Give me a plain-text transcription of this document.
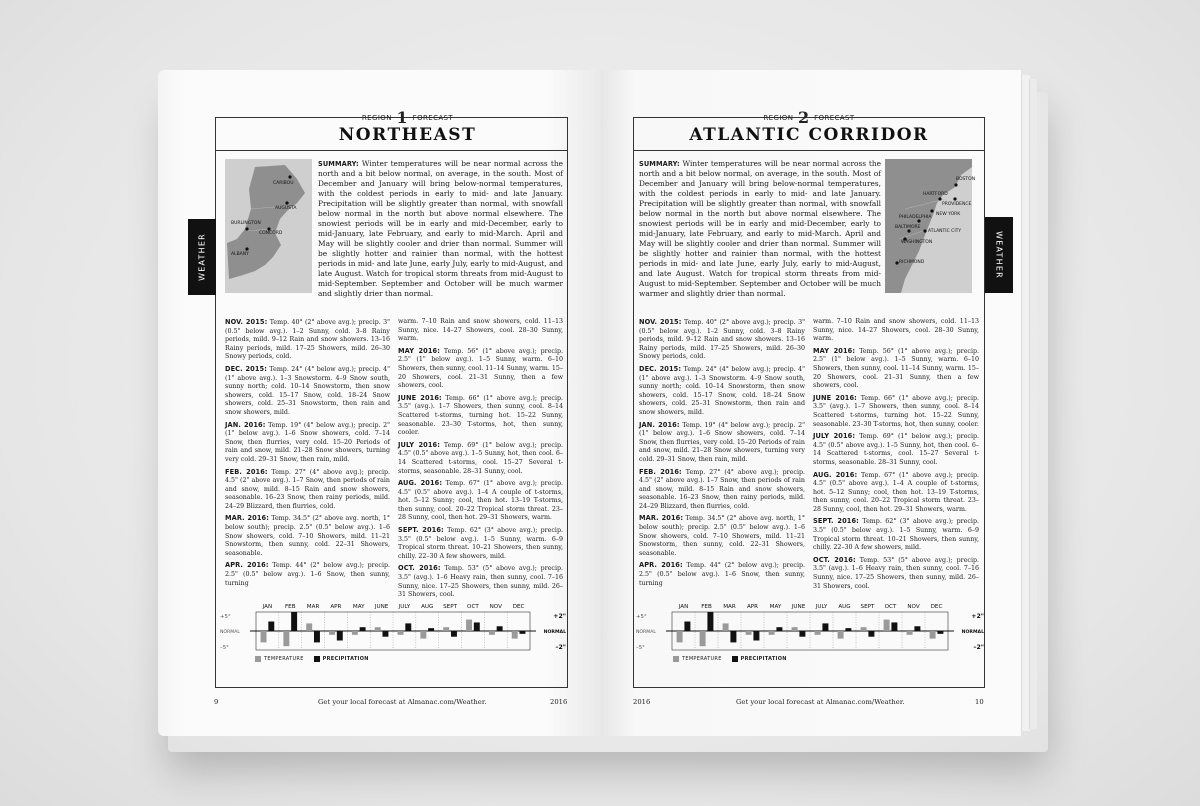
REGION 1 FORECAST
NORTHEAST
WEATHER
CARIBOU
AUGUSTA
CONCORD
BURLINGTON
ALBANY
SUMMARY: Winter temperatures will be near normal across the north and a bit below normal, on average, in the south. Most of December and January will bring below-normal temperatures, with the coldest periods in early to mid- and late January. Precipitation will be slightly greater than normal, with snowfall below normal in the north but above normal elsewhere. The snowiest periods will be in early and mid-December, early to mid-January, late February, and early to mid-March. April and May will be slightly cooler and drier than normal. Summer will be slightly hotter and rainier than normal, with the hottest periods in mid- and late June, early July, early to mid-August, and late August. Watch for tropical storm threats from mid-August to mid-September. September and October will be much warmer and slightly drier than normal.
NOV. 2015: Temp. 40° (2° above avg.); precip. 3" (0.5" below avg.). 1–2 Sunny, cold. 3–8 Rainy periods, mild. 9–12 Rain and snow showers. 13–16 Rainy periods, mild. 17–25 Showers, mild. 26–30 Snowy periods, cold.
DEC. 2015: Temp. 24° (4° below avg.); precip. 4" (1" above avg.). 1–3 Snowstorm. 4–9 Snow south, sunny north; cold. 10–14 Snowstorm, then snow showers, cold. 15–17 Snow, cold. 18–24 Snow showers, cold. 25–31 Snowstorm, then rain and snow showers, mild.
JAN. 2016: Temp. 19° (4° below avg.); precip. 2" (1" below avg.). 1–6 Snow showers, cold. 7–14 Snow, then flurries, very cold. 15–20 Periods of rain and snow, mild. 21–28 Snow showers, turning very cold. 29–31 Snow, then rain, mild.
FEB. 2016: Temp. 27° (4° above avg.); precip. 4.5" (2" above avg.). 1–7 Snow, then periods of rain and snow, mild. 8–15 Rain and snow showers, seasonable. 16–23 Snow, then rainy periods, mild. 24–29 Blizzard, then flurries, cold.
MAR. 2016: Temp. 34.5° (2° above avg. north, 1° below south); precip. 2.5" (0.5" below avg.). 1–6 Snow showers, cold. 7–10 Showers, mild. 11–21 Snowstorm, then sunny, cold. 22–31 Showers, seasonable.
APR. 2016: Temp. 44° (2° below avg.); precip. 2.5" (0.5" below avg.). 1–6 Snow, then sunny, turning
warm. 7–10 Rain and snow showers, cold. 11–13 Sunny, nice. 14–27 Showers, cool. 28–30 Sunny, warm.
MAY 2016: Temp. 56° (1° above avg.); precip. 2.5" (1" below avg.). 1–5 Sunny, warm. 6–10 Showers, then sunny, cool. 11–14 Sunny, warm. 15–20 Showers, cool. 21–31 Sunny, then a few showers, cool.
JUNE 2016: Temp. 66° (1° above avg.); precip. 3.5" (avg.). 1–7 Showers, then sunny, cool. 8–14 Scattered t-storms, turning hot. 15–22 Sunny, seasonable. 23–30 T-storms, hot, then sunny, cooler.
JULY 2016: Temp. 69° (1° below avg.); precip. 4.5" (0.5" above avg.). 1–5 Sunny, hot, then cool. 6–14 Scattered t-storms, cool. 15–27 Several t-storms, seasonable. 28–31 Sunny, cool.
AUG. 2016: Temp. 67° (1° above avg.); precip. 4.5" (0.5" above avg.). 1–4 A couple of t-storms, hot. 5–12 Sunny; cool, then hot. 13–19 T-storms, then sunny, cool. 20–22 Tropical storm threat. 23–28 Sunny, cool, then hot. 29–31 Showers, warm.
SEPT. 2016: Temp. 62° (3° above avg.); precip. 3.5" (0.5" below avg.). 1–5 Sunny, warm. 6–9 Tropical storm threat. 10–21 Showers, then sunny, chilly. 22–30 A few showers, mild.
OCT. 2016: Temp. 53° (5° above avg.); precip. 3.5" (avg.). 1–6 Heavy rain, then sunny, cool. 7–16 Sunny, nice. 17–25 Showers, then sunny, mild. 26–31 Showers, cool.
JAN FEB MAR APR MAY JUNE JULY AUG SEPT OCT NOV DEC
+5°	+2"
NORMAL	NORMAL
–5°	–2"
TEMPERATURE	PRECIPITATION
9	Get your local forecast at Almanac.com/Weather.	2016
REGION 2 FORECAST
ATLANTIC CORRIDOR
WEATHER
BOSTON
HARTFORD
PROVIDENCE
NEW YORK
PHILADELPHIA
ATLANTIC CITY
BALTIMORE
WASHINGTON
RICHMOND
SUMMARY: Winter temperatures will be near normal across the north and a bit below normal, on average, in the south. Most of December and January will bring below-normal temperatures, with the coldest periods in early to mid- and late January. Precipitation will be slightly greater than normal, with snowfall below normal in the north but above normal elsewhere. The snowiest periods will be in early and mid-December, early to mid-January, late February, and early to mid-March. April and May will be slightly cooler and drier than normal. Summer will be slightly hotter and rainier than normal, with the hottest periods in mid- and late June, early July, early to mid-August, and late August. Watch for tropical storm threats from mid-August to mid-September. September and October will be much warmer and slightly drier than normal.
NOV. 2015: Temp. 40° (2° above avg.); precip. 3" (0.5" below avg.). 1–2 Sunny, cold. 3–8 Rainy periods, mild. 9–12 Rain and snow showers. 13–16 Rainy periods, mild. 17–25 Showers, mild. 26–30 Snowy periods, cold.
DEC. 2015: Temp. 24° (4° below avg.); precip. 4" (1" above avg.). 1–3 Snowstorm. 4–9 Snow south, sunny north; cold. 10–14 Snowstorm, then snow showers, cold. 15–17 Snow, cold. 18–24 Snow showers, cold. 25–31 Snowstorm, then rain and snow showers, mild.
JAN. 2016: Temp. 19° (4° below avg.); precip. 2" (1" below avg.). 1–6 Snow showers, cold. 7–14 Snow, then flurries, very cold. 15–20 Periods of rain and snow, mild. 21–28 Snow showers, turning very cold. 29–31 Snow, then rain, mild.
FEB. 2016: Temp. 27° (4° above avg.); precip. 4.5" (2" above avg.). 1–7 Snow, then periods of rain and snow, mild. 8–15 Rain and snow showers, seasonable. 16–23 Snow, then rainy periods, mild. 24–29 Blizzard, then flurries, cold.
MAR. 2016: Temp. 34.5° (2° above avg. north, 1° below south); precip. 2.5" (0.5" below avg.). 1–6 Snow showers, cold. 7–10 Showers, mild. 11–21 Snowstorm, then sunny, cold. 22–31 Showers, seasonable.
APR. 2016: Temp. 44° (2° below avg.); precip. 2.5" (0.5" below avg.). 1–6 Snow, then sunny, turning
warm. 7–10 Rain and snow showers, cold. 11–13 Sunny, nice. 14–27 Showers, cool. 28–30 Sunny, warm.
MAY 2016: Temp. 56° (1° above avg.); precip. 2.5" (1" below avg.). 1–5 Sunny, warm. 6–10 Showers, then sunny, cool. 11–14 Sunny, warm. 15–20 Showers, cool. 21–31 Sunny, then a few showers, cool.
JUNE 2016: Temp. 66° (1° above avg.); precip. 3.5" (avg.). 1–7 Showers, then sunny, cool. 8–14 Scattered t-storms, turning hot. 15–22 Sunny, seasonable. 23–30 T-storms, hot, then sunny, cooler.
JULY 2016: Temp. 69° (1° below avg.); precip. 4.5" (0.5" above avg.). 1–5 Sunny, hot, then cool. 6–14 Scattered t-storms, cool. 15–27 Several t-storms, seasonable. 28–31 Sunny, cool.
AUG. 2016: Temp. 67° (1° above avg.); precip. 4.5" (0.5" above avg.). 1–4 A couple of t-storms, hot. 5–12 Sunny; cool, then hot. 13–19 T-storms, then sunny, cool. 20–22 Tropical storm threat. 23–28 Sunny, cool, then hot. 29–31 Showers, warm.
SEPT. 2016: Temp. 62° (3° above avg.); precip. 3.5" (0.5" below avg.). 1–5 Sunny, warm. 6–9 Tropical storm threat. 10–21 Showers, then sunny, chilly. 22–30 A few showers, mild.
OCT. 2016: Temp. 53° (5° above avg.); precip. 3.5" (avg.). 1–6 Heavy rain, then sunny, cool. 7–16 Sunny, nice. 17–25 Showers, then sunny, mild. 26–31 Showers, cool.
JAN FEB MAR APR MAY JUNE JULY AUG SEPT OCT NOV DEC
+5°	+2"
NORMAL	NORMAL
–5°	–2"
TEMPERATURE	PRECIPITATION
2016	Get your local forecast at Almanac.com/Weather.	10
